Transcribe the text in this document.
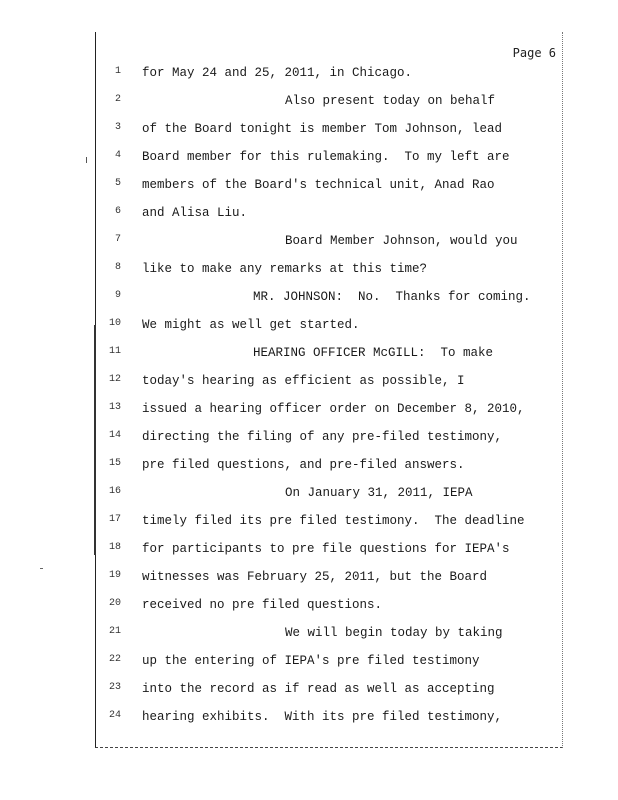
Page 6
1 for May 24 and 25, 2011, in Chicago.
2	Also present today on behalf
3 of the Board tonight is member Tom Johnson, lead
4 Board member for this rulemaking.  To my left are
5 members of the Board's technical unit, Anad Rao
6 and Alisa Liu.
7	Board Member Johnson, would you
8 like to make any remarks at this time?
9	MR. JOHNSON:  No.  Thanks for coming.
10 We might as well get started.
11	HEARING OFFICER McGILL:  To make
12 today's hearing as efficient as possible, I
13 issued a hearing officer order on December 8, 2010,
14 directing the filing of any pre-filed testimony,
15 pre filed questions, and pre-filed answers.
16	On January 31, 2011, IEPA
17 timely filed its pre filed testimony.  The deadline
18 for participants to pre file questions for IEPA's
19 witnesses was February 25, 2011, but the Board
20 received no pre filed questions.
21	We will begin today by taking
22 up the entering of IEPA's pre filed testimony
23 into the record as if read as well as accepting
24 hearing exhibits.  With its pre filed testimony,
